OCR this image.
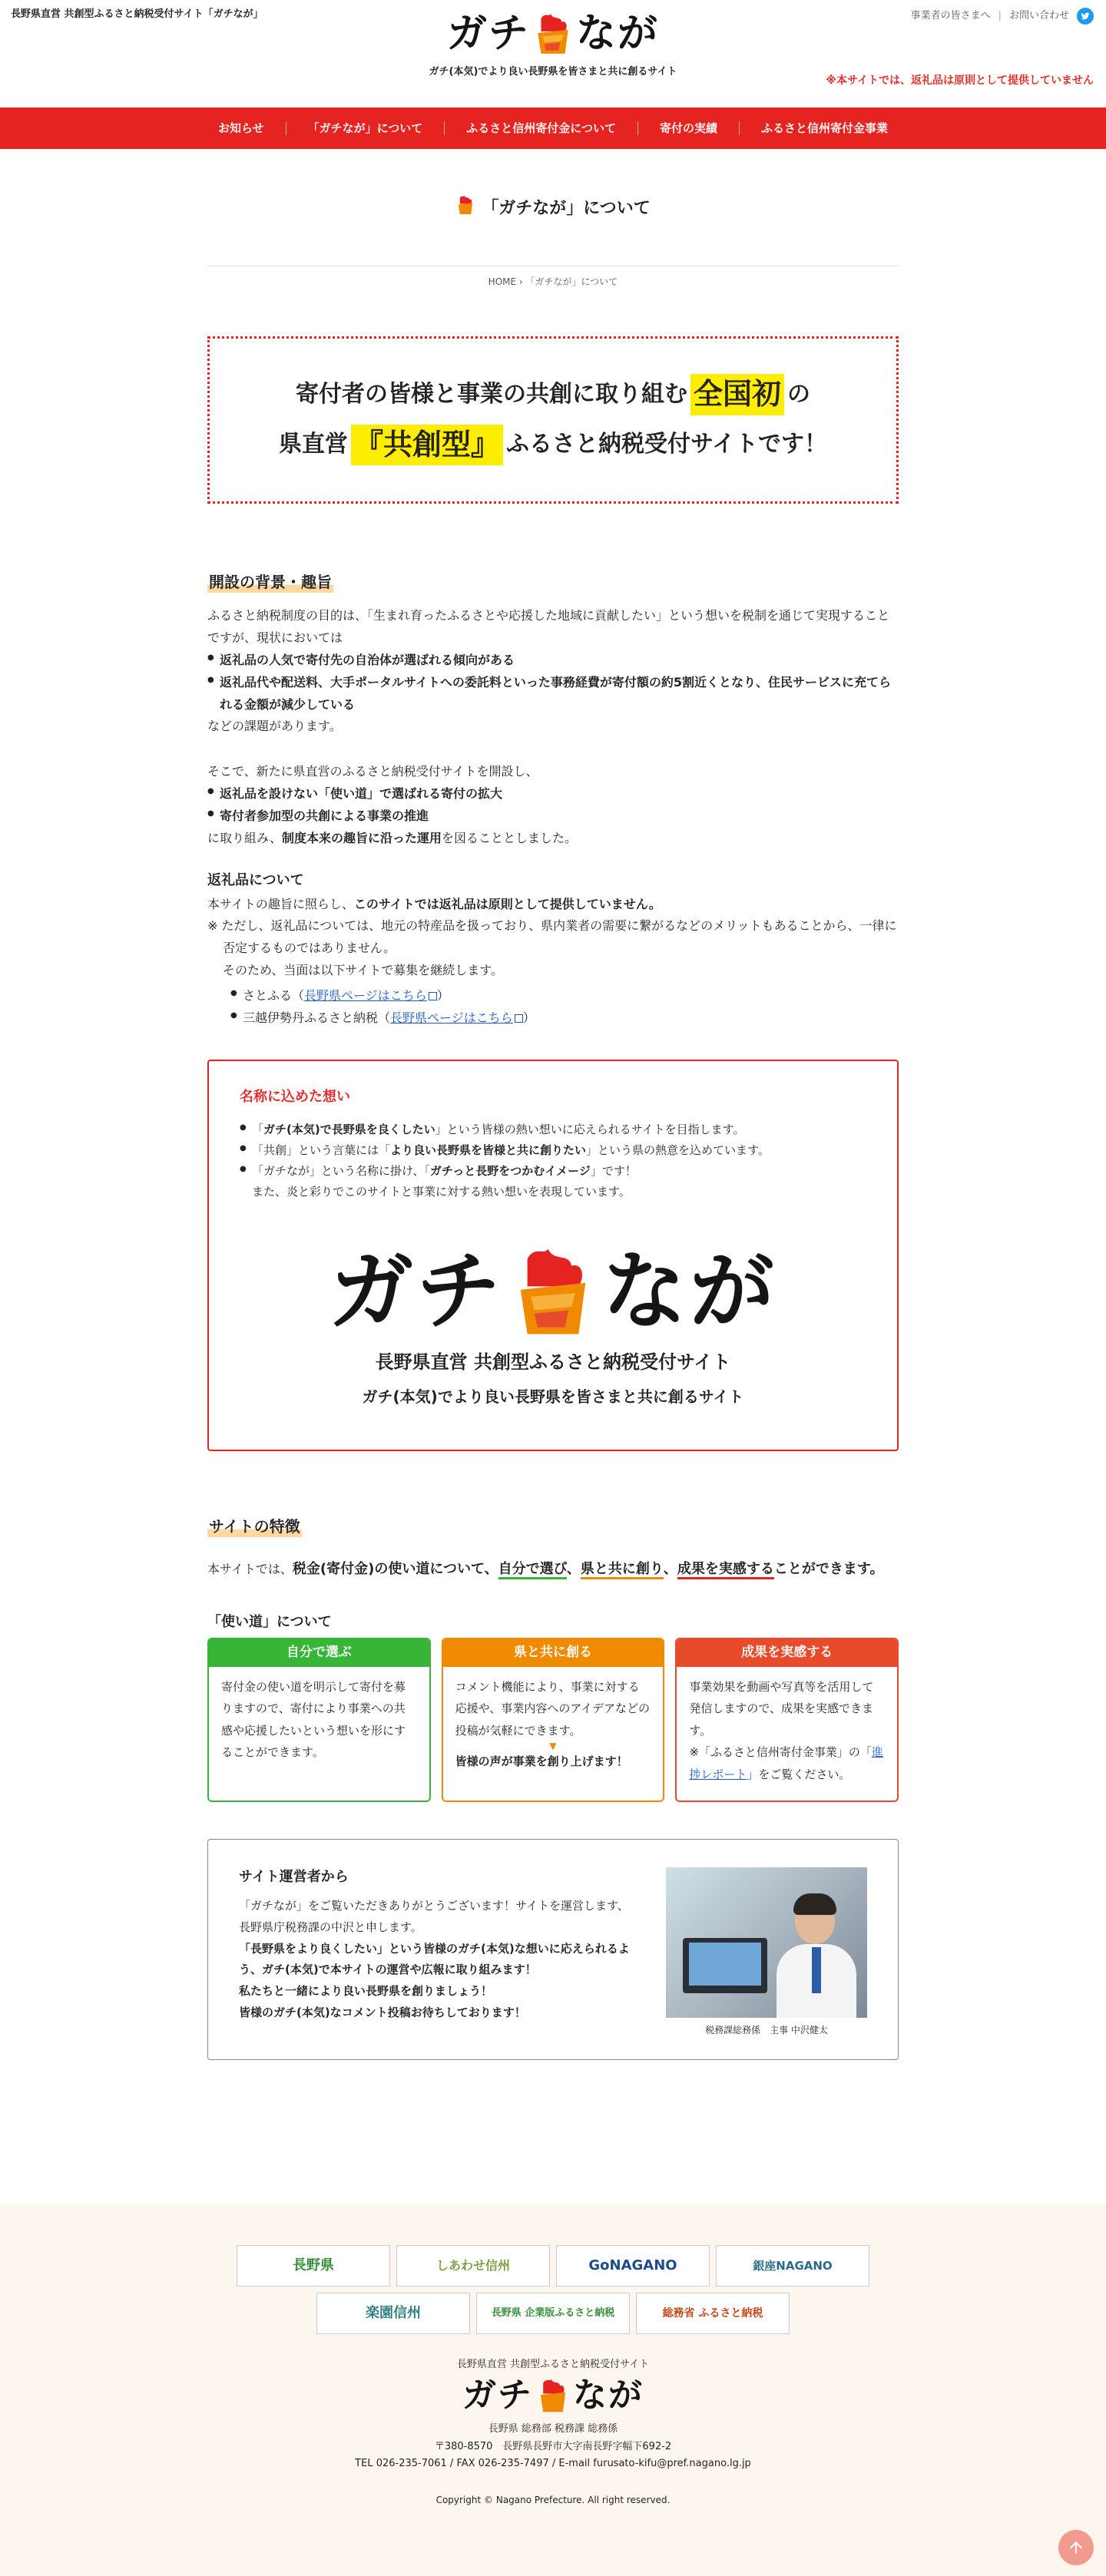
長野県直営 共創型ふるさと納税受付サイト「ガチなが」	ガチ なが
ガチ(本気)でより良い長野県を皆さまと共に創るサイト
事業者の皆さまへ | お問い合わせ
※本サイトでは、返礼品は原則として提供していません
お知らせ	「ガチなが」について	ふるさと信州寄付金について	寄付の実績	ふるさと信州寄付金事業
「ガチなが」について
HOME › 「ガチなが」について
寄付者の皆様と事業の共創に取り組む 全国初 の
県直営 『共創型』 ふるさと納税受付サイトです！
開設の背景・趣旨

ふるさと納税制度の目的は、「生まれ育ったふるさとや応援した地域に貢献したい」という想いを税制を通じて実現することですが、現状においては

● 返礼品の人気で寄付先の自治体が選ばれる傾向がある
● 返礼品代や配送料、大手ポータルサイトへの委託料といった事務経費が寄付額の約5割近くとなり、住民サービスに充てられる金額が減少している

などの課題があります。

そこで、新たに県直営のふるさと納税受付サイトを開設し、

● 返礼品を設けない「使い道」で選ばれる寄付の拡大
● 寄付者参加型の共創による事業の推進

に取り組み、制度本来の趣旨に沿った運用を図ることとしました。

返礼品について

本サイトの趣旨に照らし、このサイトでは返礼品は原則として提供していません。

※ ただし、返礼品については、地元の特産品を扱っており、県内業者の需要に繋がるなどのメリットもあることから、一律に否定するものではありません。

そのため、当面は以下サイトで募集を継続します。

● さとふる（長野県ページはこちら ）
● 三越伊勢丹ふるさと納税（長野県ページはこちら ）
名称に込めた想い
● 「ガチ(本気)で長野県を良くしたい」という皆様の熱い想いに応えられるサイトを目指します。
● 「共創」という言葉には「より良い長野県を皆様と共に創りたい」という県の熱意を込めています。
● 「ガチなが」という名称に掛け、「ガチっと長野をつかむイメージ」です！
また、炎と彩りでこのサイトと事業に対する熱い想いを表現しています。
ガチ なが
長野県直営 共創型ふるさと納税受付サイト
ガチ(本気)でより良い長野県を皆さまと共に創るサイト
サイトの特徴

本サイトでは、税金(寄付金)の使い道について、自分で選び、県と共に創り、成果を実感することができます。

「使い道」について
自分で選ぶ
寄付金の使い道を明示して寄付を募りますので、寄付により事業への共感や応援したいという想いを形にすることができます。
県と共に創る
コメント機能により、事業に対する応援や、事業内容へのアイデアなどの投稿が気軽にできます。
▼
皆様の声が事業を創り上げます！
成果を実感する
事業効果を動画や写真等を活用して発信しますので、成果を実感できます。
※「ふるさと信州寄付金事業」の「進捗レポート」をご覧ください。
サイト運営者から

「ガチなが」をご覧いただきありがとうございます！サイトを運営します、長野県庁税務課の中沢と申します。

「長野県をより良くしたい」という皆様のガチ(本気)な想いに応えられるよう、ガチ(本気)で本サイトの運営や広報に取り組みます！

私たちと一緒により良い長野県を創りましょう！

皆様のガチ(本気)なコメント投稿お待ちしております！

税務課総務係　主事 中沢健太
長野県	しあわせ信州	GoNAGANO	銀座NAGANO
楽園信州	長野県 企業版ふるさと納税	総務省 ふるさと納税
長野県直営 共創型ふるさと納税受付サイト
ガチ なが
長野県 総務部 税務課 総務係
〒380-8570　長野県長野市大字南長野字幅下692-2
TEL 026-235-7061 / FAX 026-235-7497 / E-mail furusato-kifu@pref.nagano.lg.jp
Copyright © Nagano Prefecture. All right reserved.
